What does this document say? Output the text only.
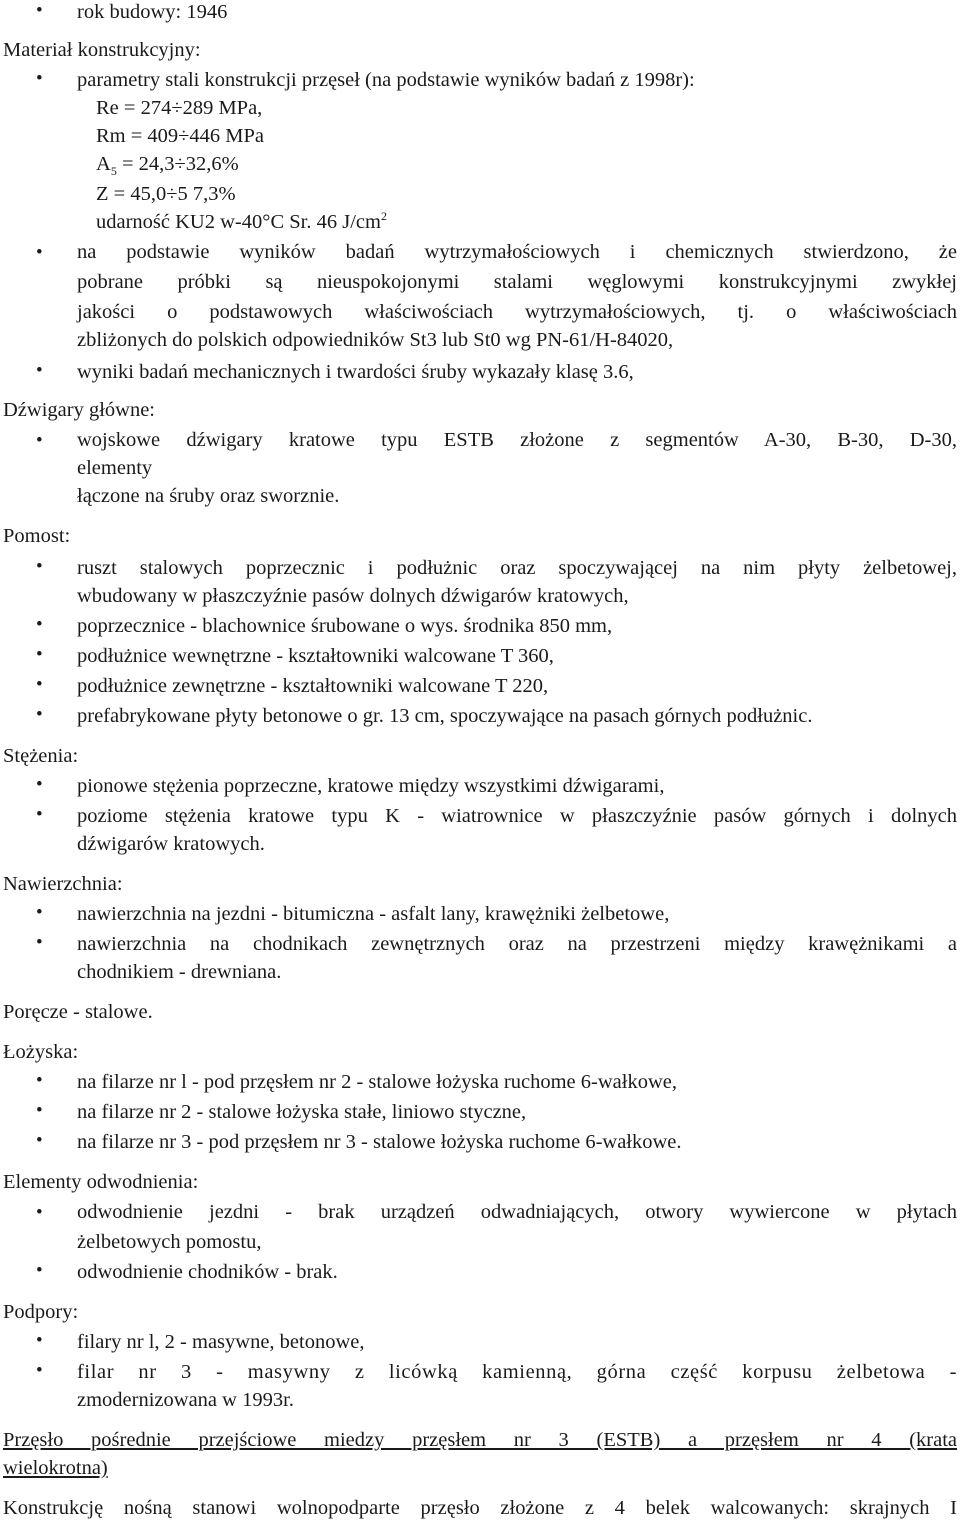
• rok budowy: 1946
Materiał konstrukcyjny:
• parametry stali konstrukcji przęseł (na podstawie wyników badań z 1998r):
Re = 274÷289 MPa,
Rm = 409÷446 MPa
$A_5 = 24,3\div 32,6\%$
Z = 45,0÷5 7,3%
udarność KU2 w-40°C Sr. 46 $J/cm^2$
• na podstawie wyników badań wytrzymałościowych i chemicznych stwierdzono, że
pobrane próbki są nieuspokojonymi stalami węglowymi konstrukcyjnymi zwykłej
jakości o podstawowych właściwościach wytrzymałościowych, tj. o właściwościach
zbliżonych do polskich odpowiedników St3 lub St0 wg PN-61/H-84020,
• wyniki badań mechanicznych i twardości śruby wykazały klasę 3.6,
Dźwigary główne:
• wojskowe dźwigary kratowe typu ESTB złożone z segmentów A-30, B-30, D-30,
elementy
łączone na śruby oraz sworznie.
Pomost:
• ruszt stalowych poprzecznic i podłużnic oraz spoczywającej na nim płyty żelbetowej,
wbudowany w płaszczyźnie pasów dolnych dźwigarów kratowych,
• poprzecznice - blachownice śrubowane o wys. środnika 850 mm,
• podłużnice wewnętrzne - kształtowniki walcowane T 360,
• podłużnice zewnętrzne - kształtowniki walcowane T 220,
• prefabrykowane płyty betonowe o gr. 13 cm, spoczywające na pasach górnych podłużnic.
Stężenia:
• pionowe stężenia poprzeczne, kratowe między wszystkimi dźwigarami,
• poziome stężenia kratowe typu K - wiatrownice w płaszczyźnie pasów górnych i dolnych
dźwigarów kratowych.
Nawierzchnia:
• nawierzchnia na jezdni - bitumiczna - asfalt lany, krawężniki żelbetowe,
• nawierzchnia na chodnikach zewnętrznych oraz na przestrzeni między krawężnikami a
chodnikiem - drewniana.
Poręcze - stalowe.
Łożyska:
• na filarze nr l - pod przęsłem nr 2 - stalowe łożyska ruchome 6-wałkowe,
• na filarze nr 2 - stalowe łożyska stałe, liniowo styczne,
• na filarze nr 3 - pod przęsłem nr 3 - stalowe łożyska ruchome 6-wałkowe.
Elementy odwodnienia:
• odwodnienie jezdni - brak urządzeń odwadniających, otwory wywiercone w płytach
żelbetowych pomostu,
• odwodnienie chodników - brak.
Podpory:
• filary nr l, 2 - masywne, betonowe,
• filar nr 3 - masywny z licówką kamienną, górna część korpusu żelbetowa -
zmodernizowana w 1993r.
Przęsło pośrednie przejściowe miedzy przęsłem nr 3 (ESTB) a przęsłem nr 4 (krata
wielokrotna)
Konstrukcję nośną stanowi wolnopodparte przęsło złożone z 4 belek walcowanych: skrajnych I
